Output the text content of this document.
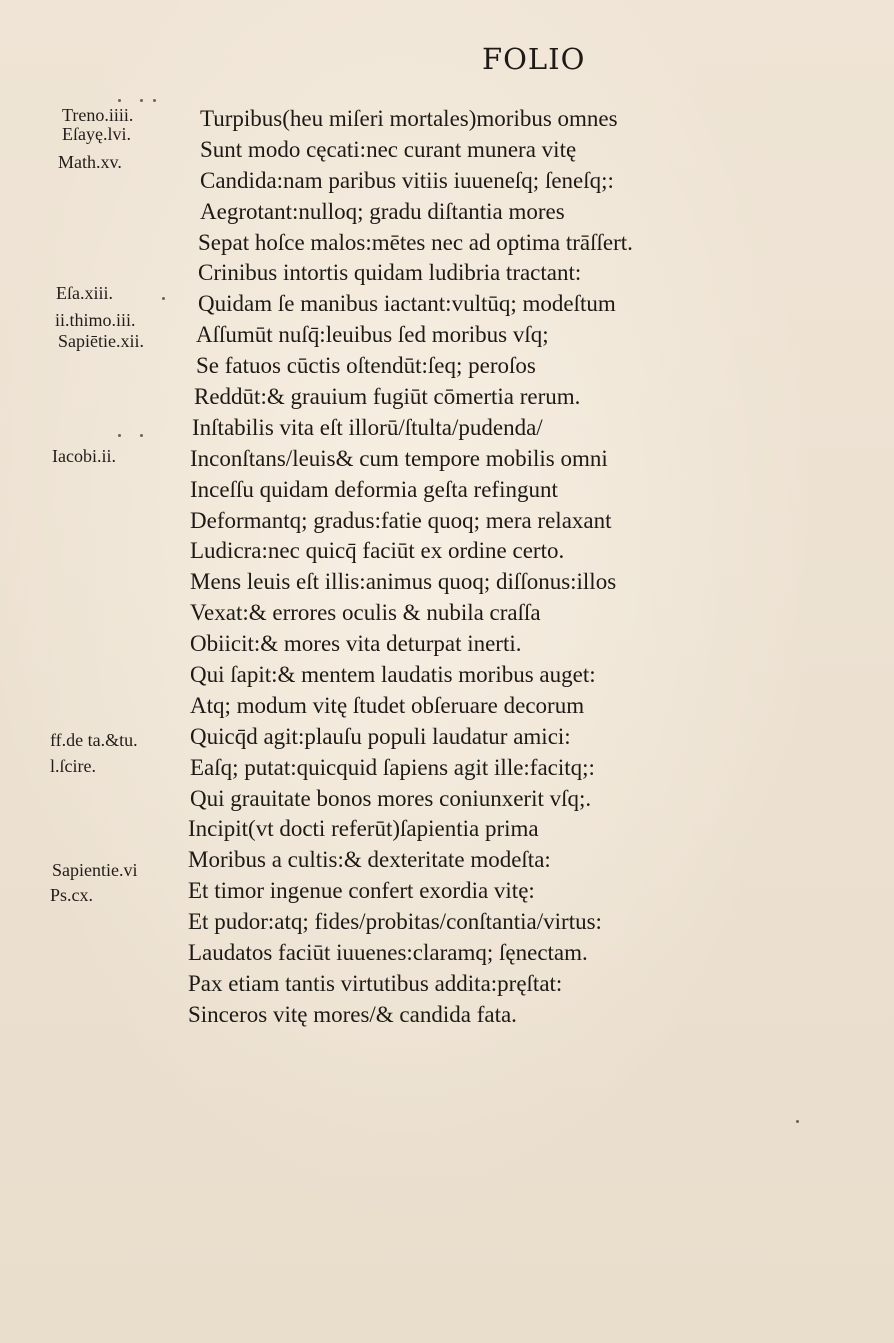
FOLIO
Treno.iiii.
Eſayę.lvi.
Math.xv.
Eſa.xiii.
ii.thimo.iii.
Sapiētie.xii.
Iacobi.ii.
ff.de ta.&tu.
l.ſcire.
Sapientie.vi
Ps.cx.
Turpibus(heu miſeri mortales)moribus omnes
Sunt modo cęcati:nec curant munera vitę
Candida:nam paribus vitiis iuueneſq; ſeneſq;:
Aegrotant:nulloq; gradu diſtantia mores
Sepat hoſce malos:mētes nec ad optima trāſſert.
Crinibus intortis quidam ludibria tractant:
Quidam ſe manibus iactant:vultūq; modeſtum
Aſſumūt nuſq̄:leuibus ſed moribus vſq;
Se fatuos cūctis oſtendūt:ſeq; peroſos
Reddūt:& grauium fugiūt cōmertia rerum.
Inſtabilis vita eſt illorū/ſtulta/pudenda/
Inconſtans/leuis& cum tempore mobilis omni
Inceſſu quidam deformia geſta refingunt
Deformantq; gradus:fatie quoq; mera relaxant
Ludicra:nec quicq̄ faciūt ex ordine certo.
Mens leuis eſt illis:animus quoq; diſſonus:illos
Vexat:& errores oculis & nubila craſſa
Obiicit:& mores vita deturpat inerti.
Qui ſapit:& mentem laudatis moribus auget:
Atq; modum vitę ſtudet obſeruare decorum
Quicq̄d agit:plauſu populi laudatur amici:
Eaſq; putat:quicquid ſapiens agit ille:facitq;:
Qui grauitate bonos mores coniunxerit vſq;.
Incipit(vt docti referūt)ſapientia prima
Moribus a cultis:& dexteritate modeſta:
Et timor ingenue confert exordia vitę:
Et pudor:atq; fides/probitas/conſtantia/virtus:
Laudatos faciūt iuuenes:claramq; ſęnectam.
Pax etiam tantis virtutibus addita:pręſtat:
Sinceros vitę mores/& candida fata.
